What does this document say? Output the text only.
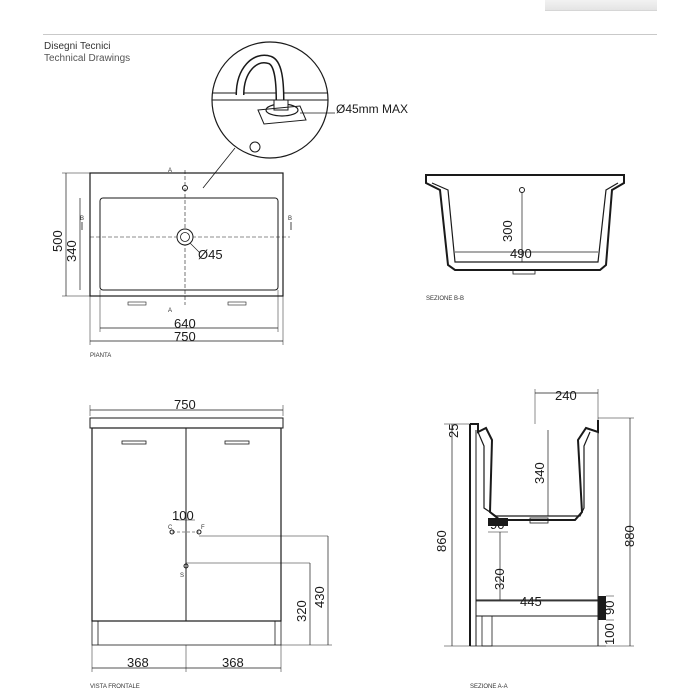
Disegni Tecnici
Technical Drawings
Ø45mm MAX
A
A
B	B
640
750
500 340	Ø45
PIANTA
300
490
SEZIONE B-B
750
C	F
S
100
320
430
368	368
VISTA FRONTALE
240
25
340
90
860	880
320
445	90
100
SEZIONE A-A
